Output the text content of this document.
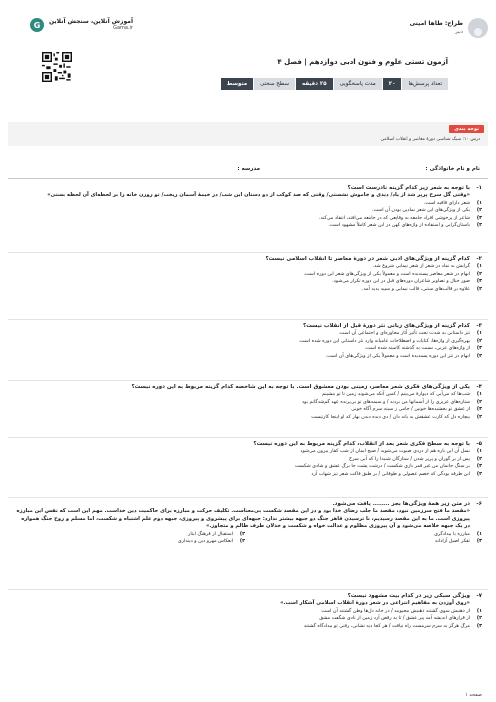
طراح: طاها امینی
دبیر
G	آموزش آنلاین، سنجش آنلاین
Gama.ir
آزمون تستی علوم و فنون ادبی دوازدهم | فصل ۴
تعداد پرسش‌ها
۲۰
مدت پاسخگویی
۲۵ دقیقه
سطح سختی
متوسط
توجه بندی
درس ۱۰: سبک شناسی دورهٔ معاصر و انقلاب اسلامی
نام و نام خانوادگی :
مدرسه :
۱-با توجه به شعر زیر کدام گزینه نادرست است؟
«وقتی گل سرخ پرپر شد از یاد/ دیدی و خاموش نشستی/ وقتی که صد کوکب از دو دستان این شب/ در خیمهٔ آسمان ریخت/ تو روزن خانه را بر لحظه‌ای آن لحظه بستی»
۱)
شعر دارای قافیه است.
۲)
یکی از ویژگی‌های این شعر نمادین بودن آن است.
۳)
شاعر از پرخوشی افراد جامعه به وقایعی که در جامعه می‌افتد، انتقاد می‌کند.
۴)
باستان‌گرایی و استفاده از واژه‌های کهن در این شعر کاملاً مشهود است.
۲-کدام گزینه از ویژگی‌های ادبی شعر در دورهٔ معاصر تا انقلاب اسلامی نیست؟
۱)
گرایش به نماد در شعر از شعر نیمایی شروع شد.
۲)
ابهام در شعر معاصر پسندیده است و معمولاً یکی از ویژگی‌های شعر این دوره است.
۳)
صور خیال و تصاویر شاعران دوره‌های قبل در این دوره تکرار می‌شود.
۴)
علاوه بر قالب‌های سنتی، قالب نیمایی و سپید پدید آمد.
۳-کدام گزینه از ویژگی‌های زبانی نثر دورهٔ قبل از انقلاب نیست؟
۱)
نثر داستانی به شدت تحت تأثیر آثار محاوره‌ای و اجتماعی آن است.
۲)
بهره‌گیری از واژه‌ها، کنایات و اصطلاحات عامیانه وارد نثر داستانی این دوره شده است.
۳)
از واژه‌های عربی، نسبت به گذشته کاسته شده است.
۴)
ابهام در نثر این دوره پسندیده است و معمولاً یکی از ویژگی‌های آن است.
۴-یکی از ویژگی‌های فکری شعر معاصر، زمینی بودن معشوق است. با توجه به این شاخصه کدام گزینه مربوط به این دوره نیست؟
۱)
شب‌ها که می‌آیی که دیوارهٔ می‌بینم / کمین آنکه می‌شوند زمین تا تو بنشینم
۲)
ستاره‌های عزیزی را از آسمانها من بردند / و سیمه‌های تو بی‌پرنده عهد گم‌شدگانم بود
۳)
از عشق تو بخشیده‌ها خونین / جامی ز سینه سرم آگاه خونی
۴)
بیچاره دل که کارت عشقش به بانه دان / دی دیده دیدن بهار که او اینجا کارتیست
۵-با توجه به سطح فکری شعر بعد از انقلاب، کدام گزینه مربوط به این دوره نیست؟
۱)
نسل آن این باره هم از دردی صبوت می‌شوید / صبح ایمان از شب کفار بیرون می‌شود
۲)
پس از بر گوران و پرپر شدن / ستارگان شنیدا را که آبی سرخ
۳)
بر سنگ جانمان من غیر قمر بازی شکست / درشت پشت جا برگ عشق و شادی شکست
۴)
ابن طرفه بودگی که خصم عصولی و طوفانی / بر طبق فاکت شعر تیز شهاب آرد
۶-در متن زیر همهٔ ویژگی‌ها بجز ........ یافت می‌شود.
«مقصد ما فتح سرزمین نبود، مقصد ما جلب رضای خدا بود و در این مقصد شکست بی‌معناست. تکلیف حرکت و مبارزه برای حاکمیت دین خداست. مهم این است که نفس این مبارزه پیروزی است. ما به این مقصد رسیدیم، نا ترسیدن قاهر جنگ دو جبهه بیشتر ندارد: جبهه‌ای برای پیشروی و پیروزی، جبهه دوم علم اشتباه و شکست، اما مسلم و روح جنگ همواره در یک جبهه خلاصه می‌شود و آن پیروزی مظلوم و عدالت خواه و شکست و خذلان طرف ظالم و متجاوز.»
۱)
مبارزه با بیدادگری
۲)
استقبال از فرهنگ ایثار
۳)
تفکر اصیل آزادانه
۴)
انعکاس مهرو دین و دینداری
۷-ویژگی سبکی زیر در کدام بیت مشهود نیست؟
«روی آوردن به مفاهیم انتزاعی در شعر دورهٔ انقلاب اسلامی آشکار است.»
۱)
از ذهنیش سوی گشتند ذهنیش محبوبند / در خانه دل‌ها وطن گشتند آن است
۲)
از قرارهای اندیشه آمد پیر عشق / تا به رقص آرد زمین از نادی شگفت مشق
۳)
مرگ هرگز به سرم سرمست راه نیافت / هر کجا دید نشانی، رفتی تو بیدادگاه گشتند
صفحه ۱
